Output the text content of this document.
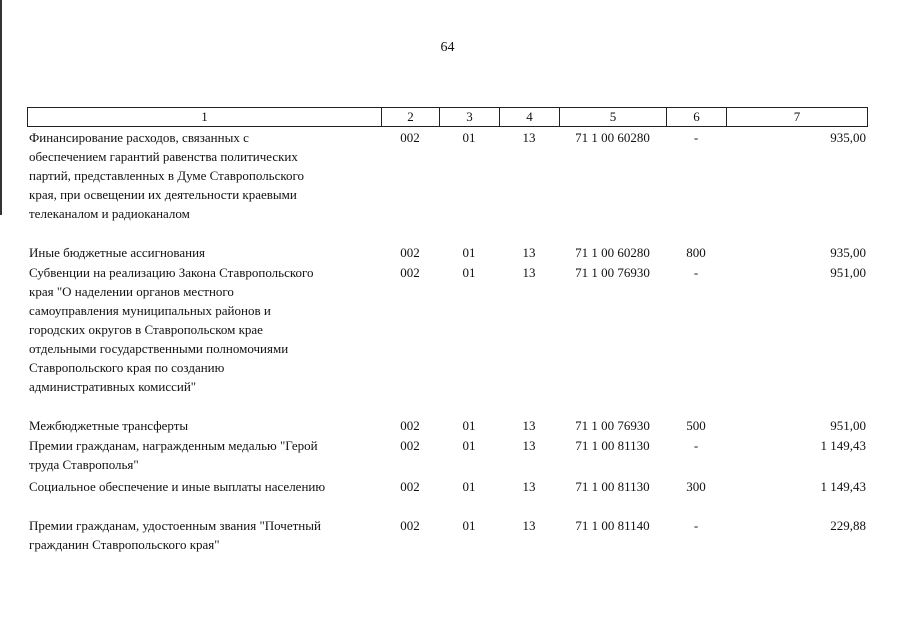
64
1	2	3	4	5	6	7
Финансирование расходов, связанных с
обеспечением гарантий равенства политических
партий, представленных в Думе Ставропольского
края, при освещении их деятельности краевыми
телеканалом и радиоканалом
002	01	13	71 1 00 60280	-	935,00
Иные бюджетные ассигнования	002	01	13	71 1 00 60280	800	935,00
Субвенции на реализацию Закона Ставропольского
края "О наделении органов местного
самоуправления муниципальных районов и
городских округов в Ставропольском крае
отдельными государственными полномочиями
Ставропольского края по созданию
административных комиссий"
002	01	13	71 1 00 76930	-	951,00
Межбюджетные трансферты	002	01	13	71 1 00 76930	500	951,00
Премии гражданам, награжденным медалью "Герой
труда Ставрополья"
002	01	13	71 1 00 81130	-	1 149,43
Социальное обеспечение и иные выплаты населению	002	01	13	71 1 00 81130	300	1 149,43
Премии гражданам, удостоенным звания "Почетный
гражданин Ставропольского края"
002	01	13	71 1 00 81140	-	229,88
